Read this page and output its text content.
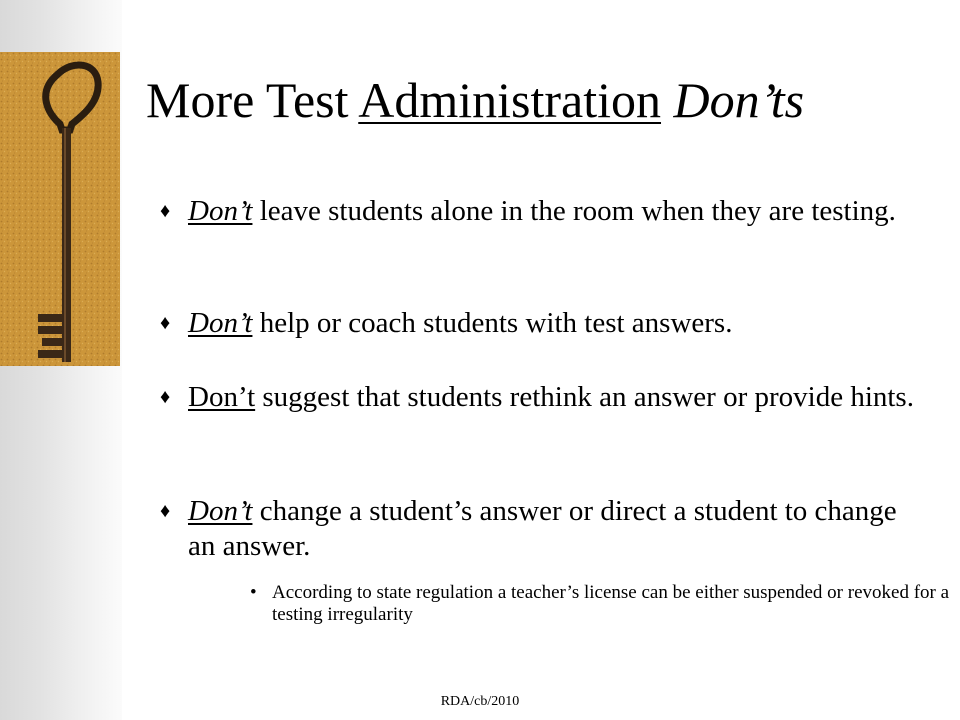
More Test Administration Don’ts
♦ Don’t leave students alone in the room when they are testing.
♦ Don’t help or coach students with test answers.
♦ Don’t suggest that students rethink an answer or provide hints.
♦ Don’t change a student’s answer or direct a student to change an answer.
• According to state regulation a teacher’s license can be either suspended or revoked for a testing irregularity
RDA/cb/2010
